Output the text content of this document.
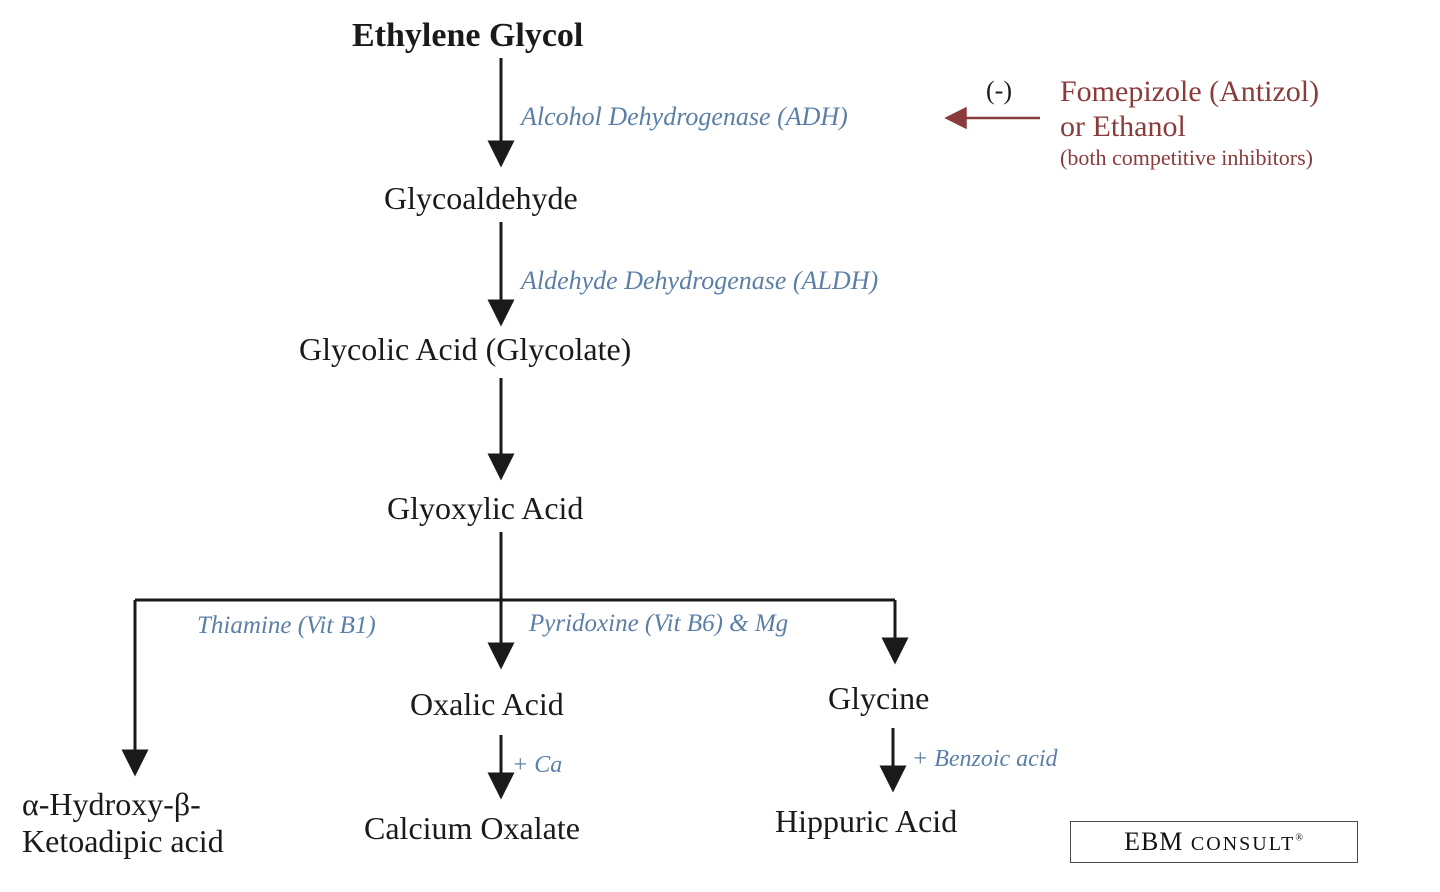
Ethylene Glycol
Alcohol Dehydrogenase (ADH)
(-) Fomepizole (Antizol)
or Ethanol
(both competitive inhibitors)
Glycoaldehyde
Aldehyde Dehydrogenase (ALDH)
Glycolic Acid (Glycolate)
Glyoxylic Acid
Thiamine (Vit B1)	Pyridoxine (Vit B6) & Mg
Oxalic Acid	Glycine
+ Ca	+ Benzoic acid
α-Hydroxy-β-
Ketoadipic acid	Calcium Oxalate	Hippuric Acid
EBM CONSULT®
